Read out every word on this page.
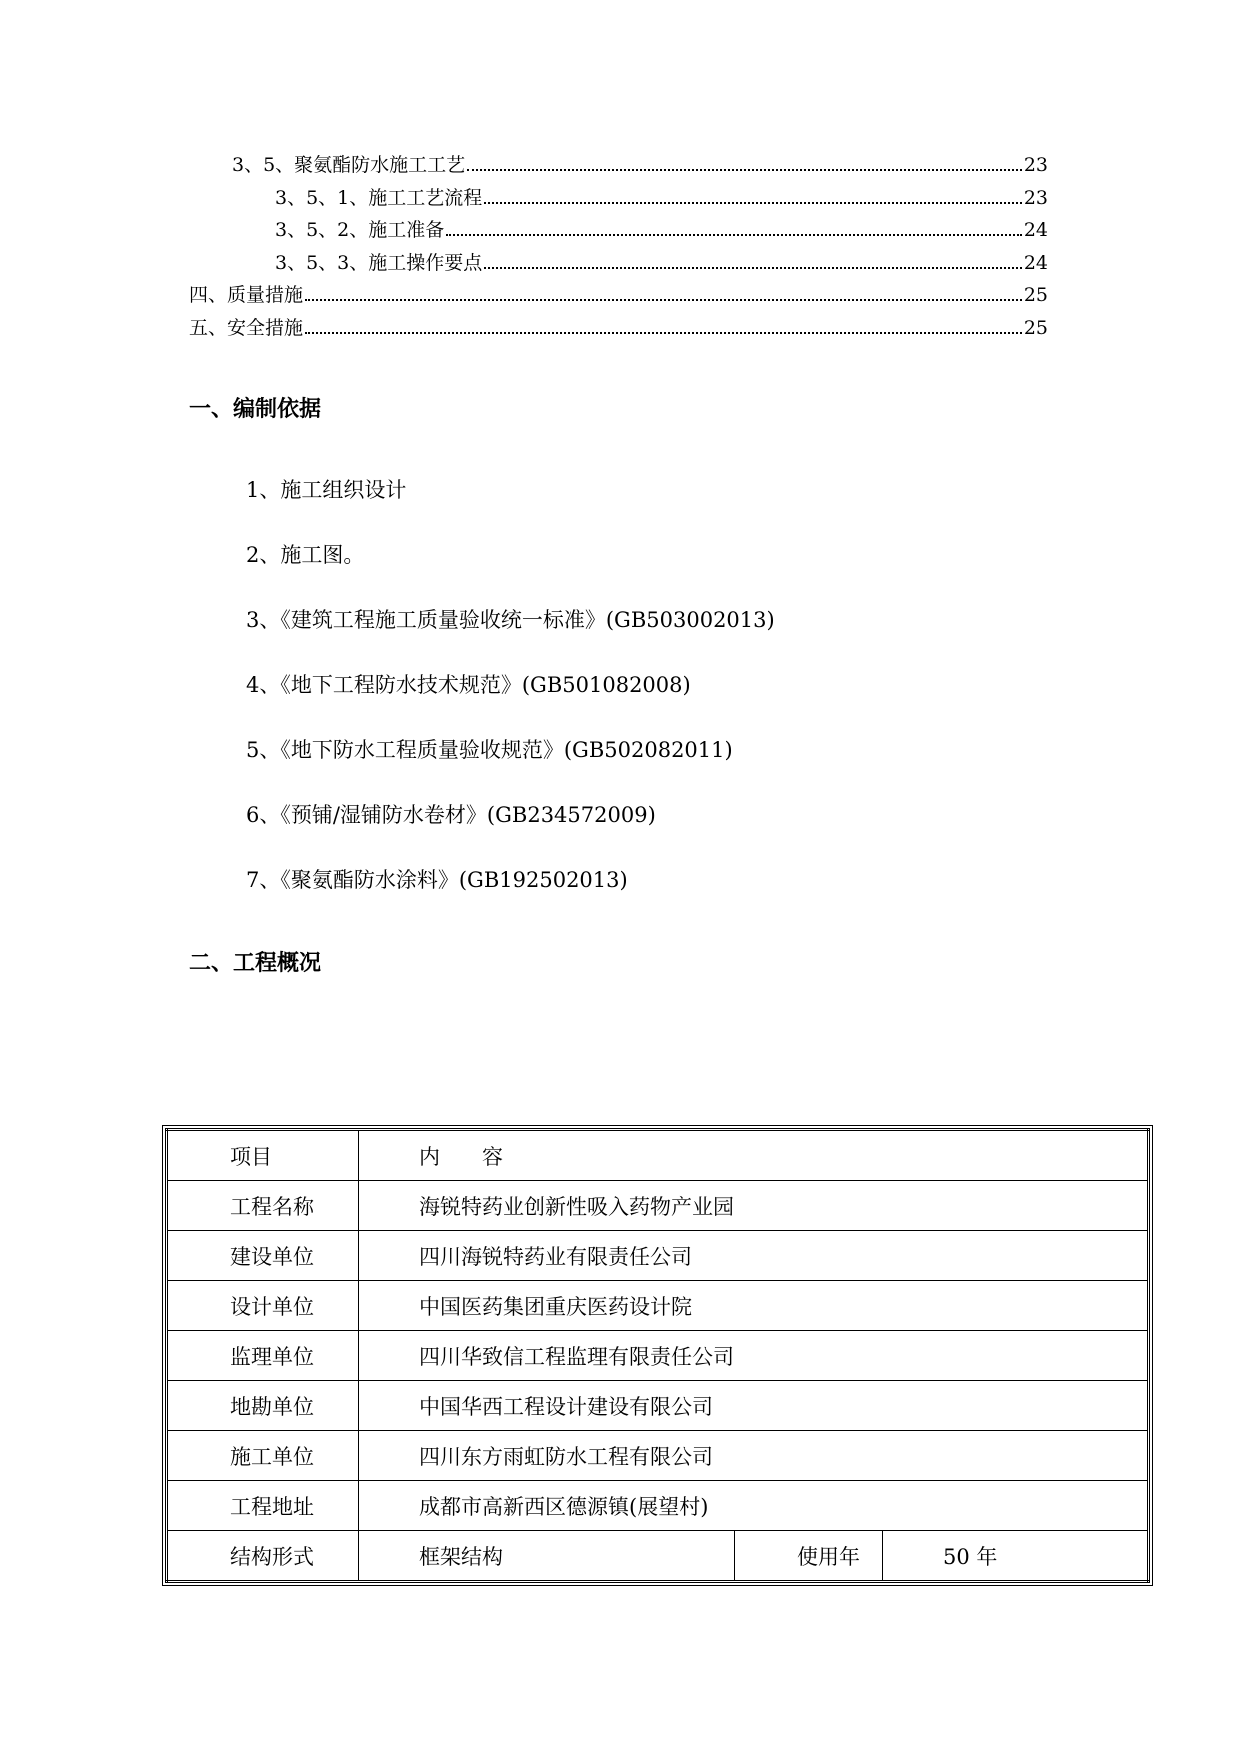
3、5、聚氨酯防水施工工艺	23
3、5、1、施工工艺流程	23
3、5、2、施工准备	24
3、5、3、施工操作要点	24
四、质量措施	25
五、安全措施	25
一、编制依据
1、施工组织设计
2、施工图。
3、《建筑工程施工质量验收统一标准》(GB503002013)
4、《地下工程防水技术规范》(GB501082008)
5、《地下防水工程质量验收规范》(GB502082011)
6、《预铺/湿铺防水卷材》(GB234572009)
7、《聚氨酯防水涂料》(GB192502013)
二、工程概况
项目	内　　容		
工程名称	海锐特药业创新性吸入药物产业园		
建设单位	四川海锐特药业有限责任公司		
设计单位	中国医药集团重庆医药设计院		
监理单位	四川华致信工程监理有限责任公司		
地勘单位	中国华西工程设计建设有限公司		
施工单位	四川东方雨虹防水工程有限公司		
工程地址	成都市高新西区德源镇(展望村)		
结构形式	框架结构	使用年	50 年
